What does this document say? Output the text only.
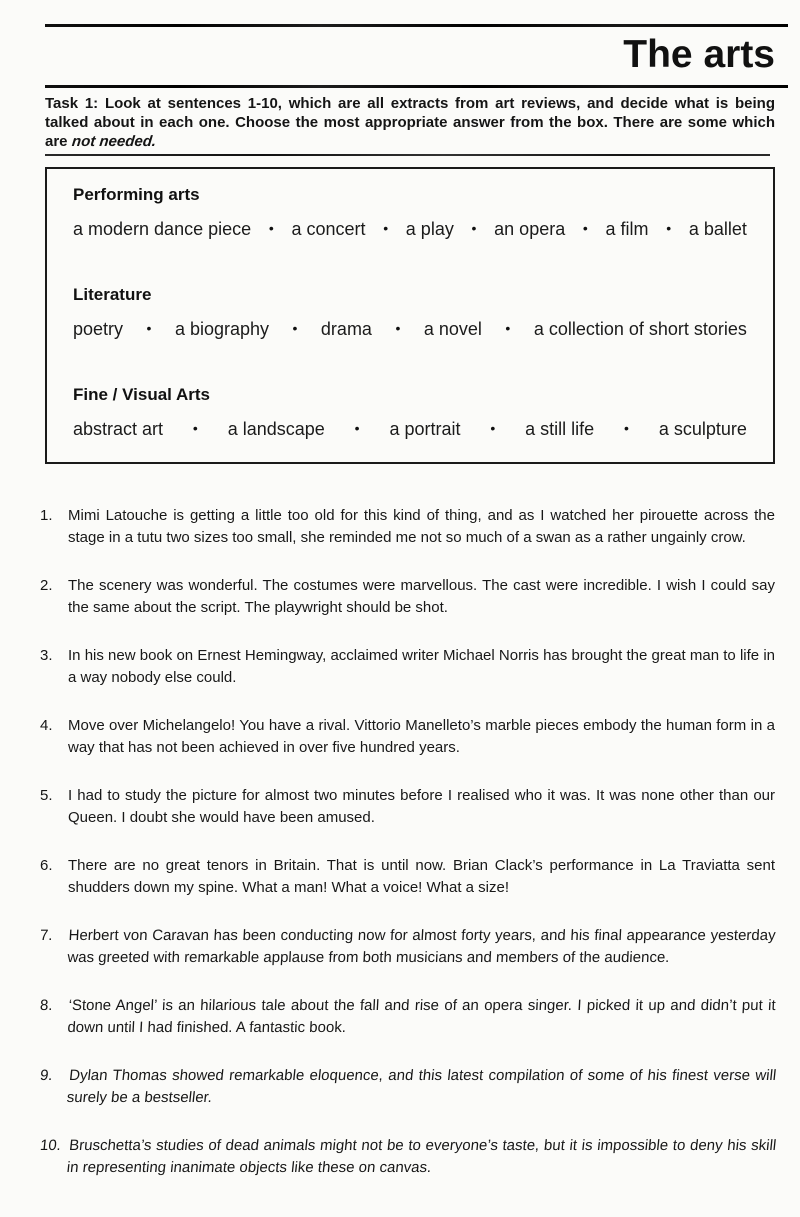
The arts

Task 1: Look at sentences 1-10, which are all extracts from art reviews, and decide what is being talked about in each one. Choose the most appropriate answer from the box. There are some which are not needed.

Performing arts
a modern dance piece • a concert • a play • an opera • a film • a ballet
Literature
poetry • a biography • drama • a novel • a collection of short stories
Fine / Visual Arts
abstract art • a landscape • a portrait • a still life • a sculpture
1.	Mimi Latouche is getting a little too old for this kind of thing, and as I watched her pirouette across the stage in a tutu two sizes too small, she reminded me not so much of a swan as a rather ungainly crow.

2.	The scenery was wonderful. The costumes were marvellous. The cast were incredible. I wish I could say the same about the script. The playwright should be shot.

3.	In his new book on Ernest Hemingway, acclaimed writer Michael Norris has brought the great man to life in a way nobody else could.

4.	Move over Michelangelo! You have a rival. Vittorio Manelleto’s marble pieces embody the human form in a way that has not been achieved in over five hundred years.

5.	I had to study the picture for almost two minutes before I realised who it was. It was none other than our Queen. I doubt she would have been amused.

6.	There are no great tenors in Britain. That is until now. Brian Clack’s performance in La Traviatta sent shudders down my spine. What a man! What a voice! What a size!

7.	Herbert von Caravan has been conducting now for almost forty years, and his final appearance yesterday was greeted with remarkable applause from both musicians and members of the audience.

8.	‘Stone Angel’ is an hilarious tale about the fall and rise of an opera singer. I picked it up and didn’t put it down until I had finished. A fantastic book.

9. Dylan Thomas showed remarkable eloquence, and this latest compilation of some of his finest verse will surely be a bestseller.

10. Bruschetta’s studies of dead animals might not be to everyone’s taste, but it is impossible to deny his skill in representing inanimate objects like these on canvas.
